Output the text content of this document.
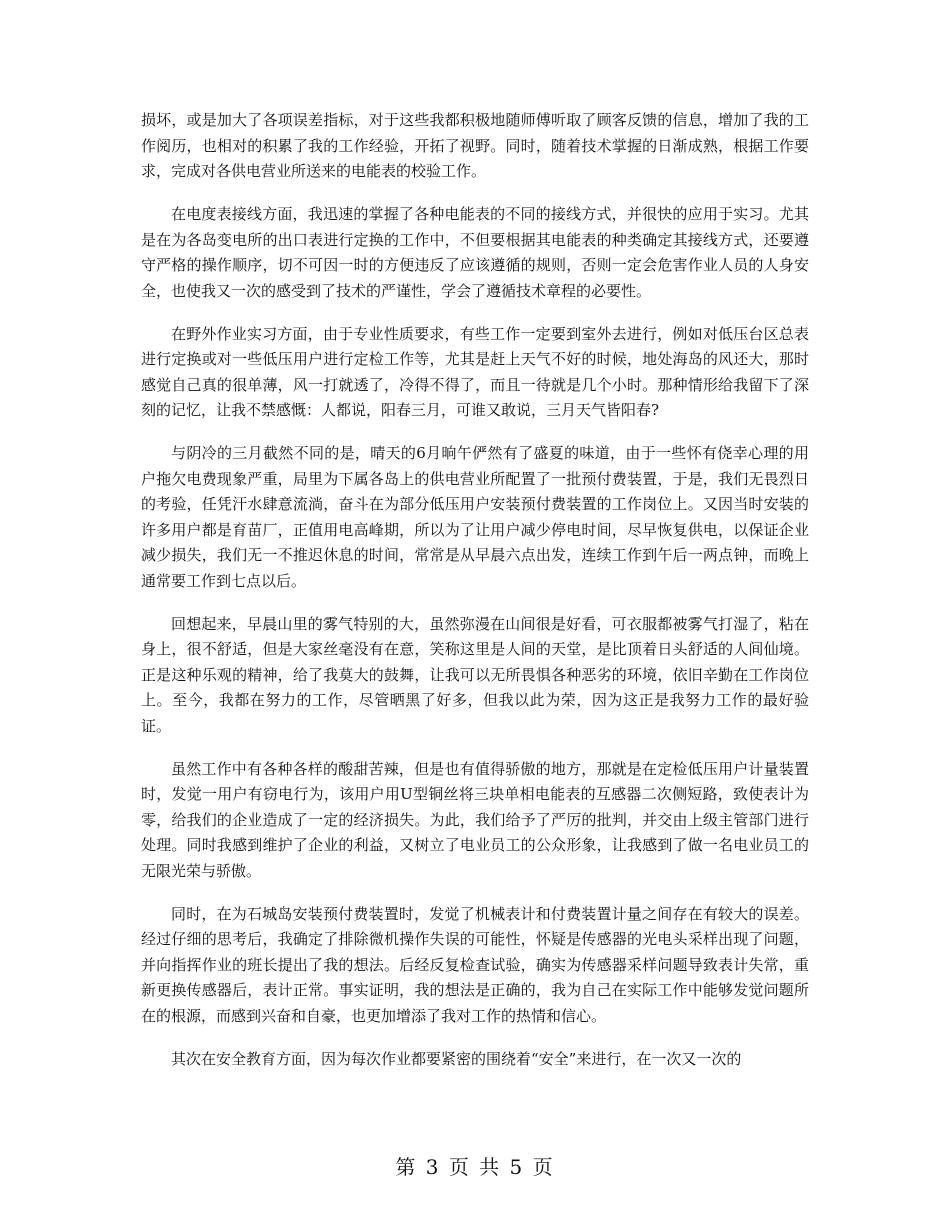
损坏，或是加大了各项误差指标，对于这些我都积极地随师傅听取了顾客反馈的信息，增加了我的工作阅历，也相对的积累了我的工作经验，开拓了视野。同时，随着技术掌握的日渐成熟，根据工作要求，完成对各供电营业所送来的电能表的校验工作。

在电度表接线方面，我迅速的掌握了各种电能表的不同的接线方式，并很快的应用于实习。尤其是在为各岛变电所的出口表进行定换的工作中，不但要根据其电能表的种类确定其接线方式，还要遵守严格的操作顺序，切不可因一时的方便违反了应该遵循的规则，否则一定会危害作业人员的人身安全，也使我又一次的感受到了技术的严谨性，学会了遵循技术章程的必要性。

在野外作业实习方面，由于专业性质要求，有些工作一定要到室外去进行，例如对低压台区总表进行定换或对一些低压用户进行定检工作等，尤其是赶上天气不好的时候，地处海岛的风还大，那时感觉自己真的很单薄，风一打就透了，冷得不得了，而且一待就是几个小时。那种情形给我留下了深刻的记忆，让我不禁感慨：人都说，阳春三月，可谁又敢说，三月天气皆阳春?

与阴冷的三月截然不同的是，晴天的6月晌午俨然有了盛夏的味道，由于一些怀有侥幸心理的用户拖欠电费现象严重，局里为下属各岛上的供电营业所配置了一批预付费装置，于是，我们无畏烈日的考验，任凭汗水肆意流淌，奋斗在为部分低压用户安装预付费装置的工作岗位上。又因当时安装的许多用户都是育苗厂，正值用电高峰期，所以为了让用户减少停电时间，尽早恢复供电，以保证企业减少损失，我们无一不推迟休息的时间，常常是从早晨六点出发，连续工作到午后一两点钟，而晚上通常要工作到七点以后。

回想起来，早晨山里的雾气特别的大，虽然弥漫在山间很是好看，可衣服都被雾气打湿了，粘在身上，很不舒适，但是大家丝毫没有在意，笑称这里是人间的天堂，是比顶着日头舒适的人间仙境。正是这种乐观的精神，给了我莫大的鼓舞，让我可以无所畏惧各种恶劣的环境，依旧辛勤在工作岗位上。至今，我都在努力的工作，尽管晒黑了好多，但我以此为荣，因为这正是我努力工作的最好验证。

虽然工作中有各种各样的酸甜苦辣，但是也有值得骄傲的地方，那就是在定检低压用户计量装置时，发觉一用户有窃电行为，该用户用U型铜丝将三块单相电能表的互感器二次侧短路，致使表计为零，给我们的企业造成了一定的经济损失。为此，我们给予了严厉的批判，并交由上级主管部门进行处理。同时我感到维护了企业的利益，又树立了电业员工的公众形象，让我感到了做一名电业员工的无限光荣与骄傲。

同时，在为石城岛安装预付费装置时，发觉了机械表计和付费装置计量之间存在有较大的误差。经过仔细的思考后，我确定了排除微机操作失误的可能性，怀疑是传感器的光电头采样出现了问题，并向指挥作业的班长提出了我的想法。后经反复检查试验，确实为传感器采样问题导致表计失常，重新更换传感器后，表计正常。事实证明，我的想法是正确的，我为自己在实际工作中能够发觉问题所在的根源，而感到兴奋和自豪，也更加增添了我对工作的热情和信心。

其次在安全教育方面，因为每次作业都要紧密的围绕着“安全”来进行，在一次又一次的

第 3 页 共 5 页
